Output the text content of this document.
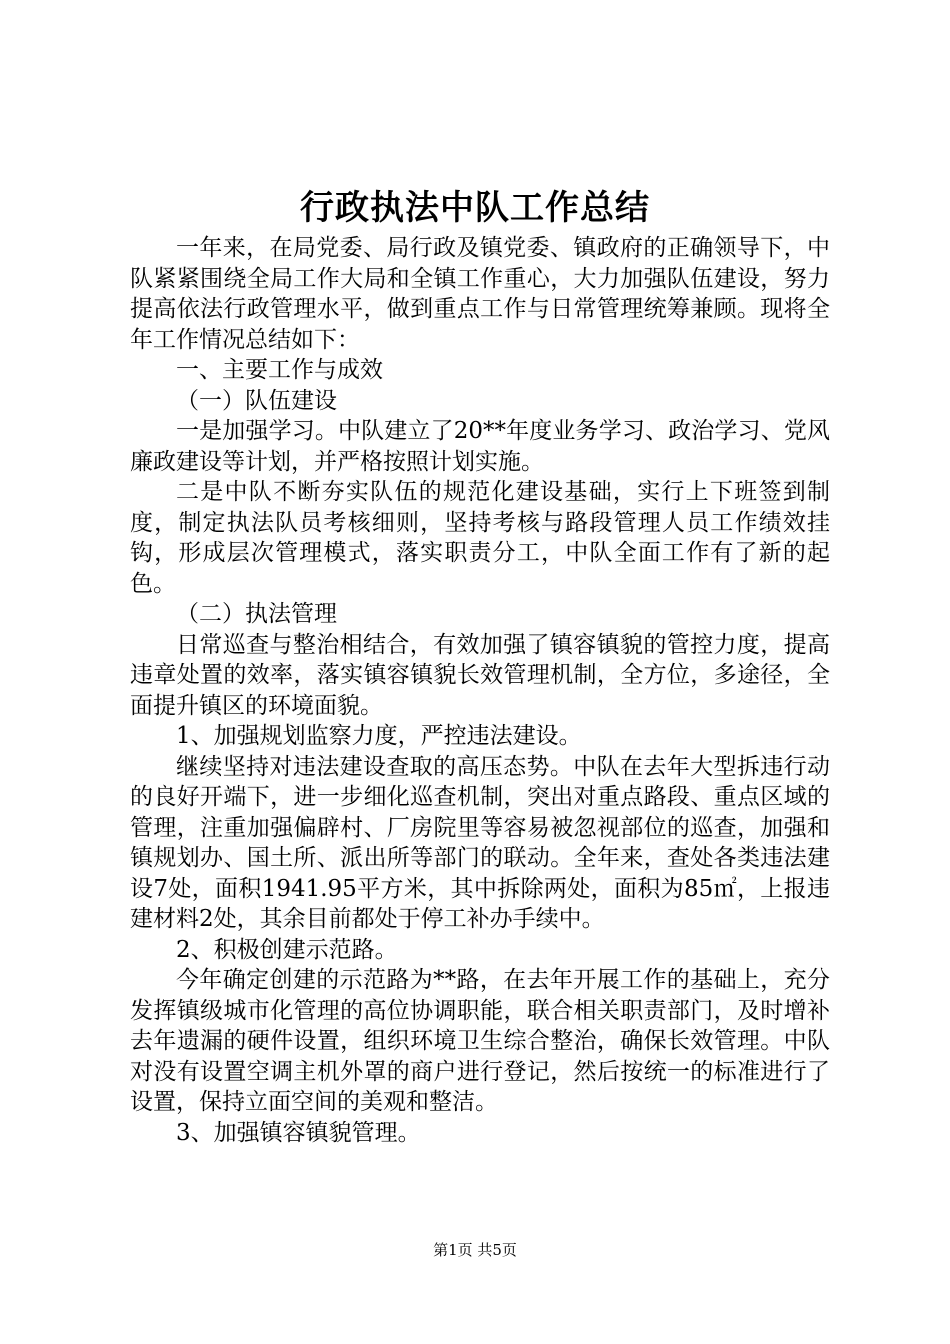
行政执法中队工作总结

一年来，在局党委、局行政及镇党委、镇政府的正确领导下，中队紧紧围绕全局工作大局和全镇工作重心，大力加强队伍建设，努力提高依法行政管理水平，做到重点工作与日常管理统筹兼顾。现将全年工作情况总结如下：

一、主要工作与成效

（一）队伍建设

一是加强学习。中队建立了20**年度业务学习、政治学习、党风廉政建设等计划，并严格按照计划实施。

二是中队不断夯实队伍的规范化建设基础，实行上下班签到制度，制定执法队员考核细则，坚持考核与路段管理人员工作绩效挂钩，形成层次管理模式，落实职责分工，中队全面工作有了新的起色。

（二）执法管理

日常巡查与整治相结合，有效加强了镇容镇貌的管控力度，提高违章处置的效率，落实镇容镇貌长效管理机制，全方位，多途径，全面提升镇区的环境面貌。

1、加强规划监察力度，严控违法建设。

继续坚持对违法建设查取的高压态势。中队在去年大型拆违行动的良好开端下，进一步细化巡查机制，突出对重点路段、重点区域的管理，注重加强偏辟村、厂房院里等容易被忽视部位的巡查，加强和镇规划办、国土所、派出所等部门的联动。全年来，查处各类违法建设7处，面积1941.95平方米，其中拆除两处，面积为85㎡，上报违建材料2处，其余目前都处于停工补办手续中。

2、积极创建示范路。

今年确定创建的示范路为**路，在去年开展工作的基础上，充分发挥镇级城市化管理的高位协调职能，联合相关职责部门，及时增补去年遗漏的硬件设置，组织环境卫生综合整治，确保长效管理。中队对没有设置空调主机外罩的商户进行登记，然后按统一的标准进行了设置，保持立面空间的美观和整洁。

3、加强镇容镇貌管理。

第1页 共5页
